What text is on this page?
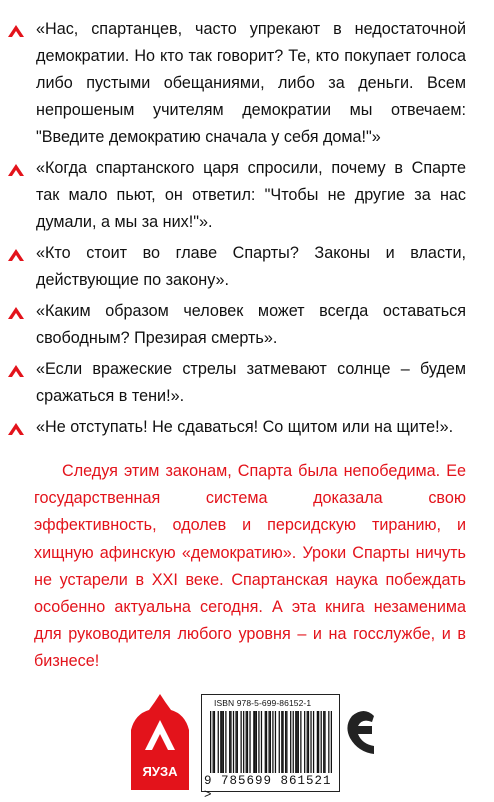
«Нас, спартанцев, часто упрекают в недостаточной демократии. Но кто так говорит? Те, кто покупает голоса либо пустыми обещаниями, либо за деньги. Всем непрошеным учителям демократии мы отвечаем: "Введите демократию сначала у себя дома!"»

«Когда спартанского царя спросили, почему в Спарте так мало пьют, он ответил: "Чтобы не другие за нас думали, а мы за них!"».

«Кто стоит во главе Спарты? Законы и власти, действующие по закону».

«Каким образом человек может всегда оставаться свободным? Презирая смерть».

«Если вражеские стрелы затмевают солнце – будем сражаться в тени!».

«Не отступать! Не сдаваться! Со щитом или на щите!».

Следуя этим законам, Спарта была непобедима. Ее государственная система доказала свою эффективность, одолев и персидскую тиранию, и хищную афинскую «демократию». Уроки Спарты ничуть не устарели в XXI веке. Спартанская наука побеждать особенно актуальна сегодня. А эта книга незаменима для руководителя любого уровня – и на госслужбе, и в бизнесе!

ЯУЗА
ISBN 978-5-699-86152-1
9 785699 861521 >
